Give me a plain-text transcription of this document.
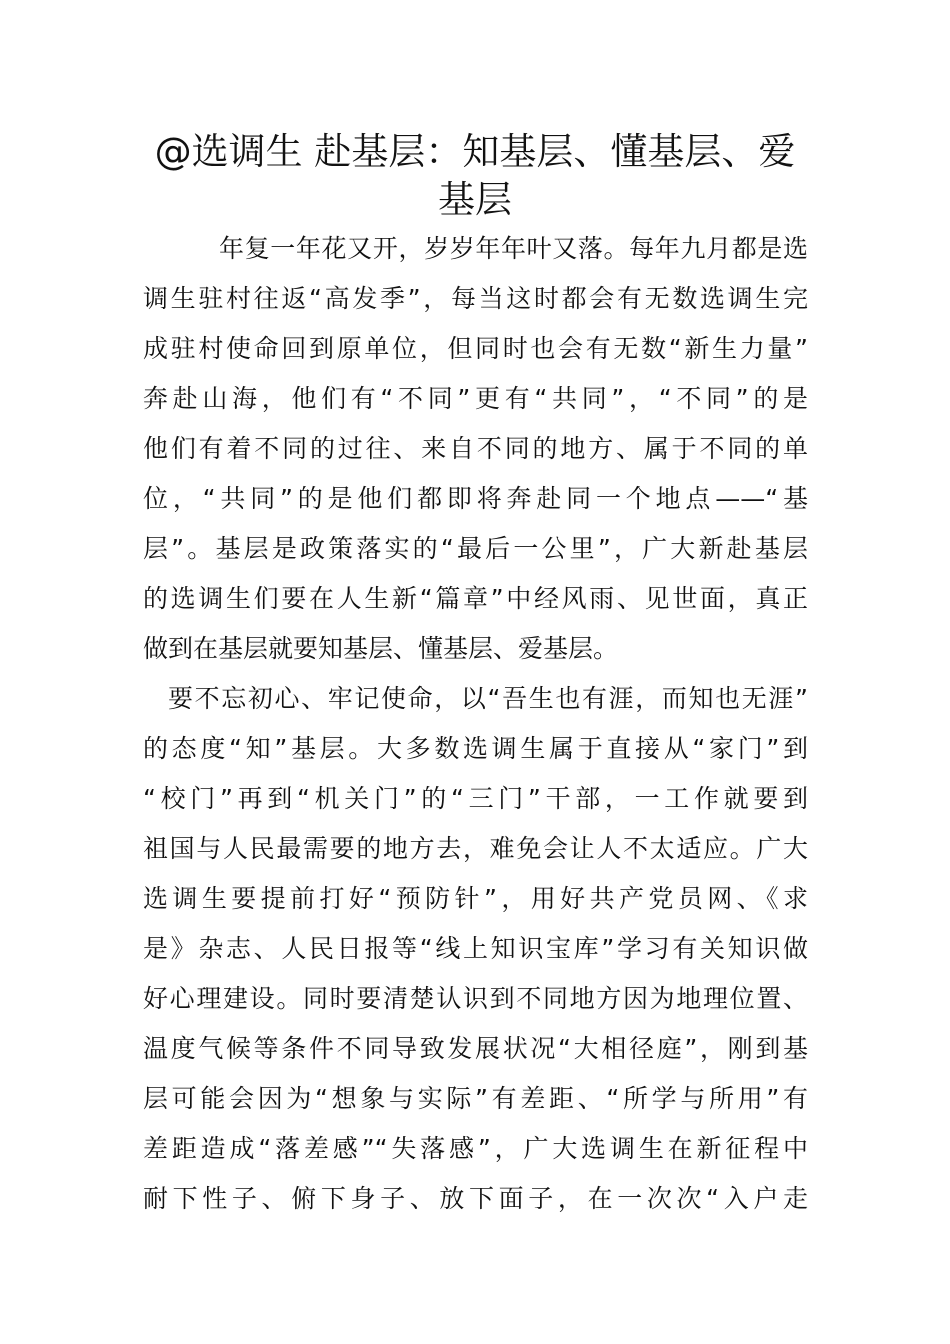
@选调生 赴基层：知基层、懂基层、爱基层
年复一年花又开，岁岁年年叶又落。每年九月都是选
调生驻村往返“高发季”，每当这时都会有无数选调生完
成驻村使命回到原单位，但同时也会有无数“新生力量”
奔赴山海，他们有“不同”更有“共同”，“不同”的是
他们有着不同的过往、来自不同的地方、属于不同的单
位，“共同”的是他们都即将奔赴同一个地点——“基
层”。基层是政策落实的“最后一公里”，广大新赴基层
的选调生们要在人生新“篇章”中经风雨、见世面，真正
做到在基层就要知基层、懂基层、爱基层。
要不忘初心、牢记使命，以“吾生也有涯，而知也无涯”
的态度“知”基层。大多数选调生属于直接从“家门”到
“校门”再到“机关门”的“三门”干部，一工作就要到
祖国与人民最需要的地方去，难免会让人不太适应。广大
选调生要提前打好“预防针”，用好共产党员网、《求
是》杂志、人民日报等“线上知识宝库”学习有关知识做
好心理建设。同时要清楚认识到不同地方因为地理位置、
温度气候等条件不同导致发展状况“大相径庭”，刚到基
层可能会因为“想象与实际”有差距、“所学与所用”有
差距造成“落差感”“失落感”，广大选调生在新征程中
耐下性子、俯下身子、放下面子，在一次次“入户走
